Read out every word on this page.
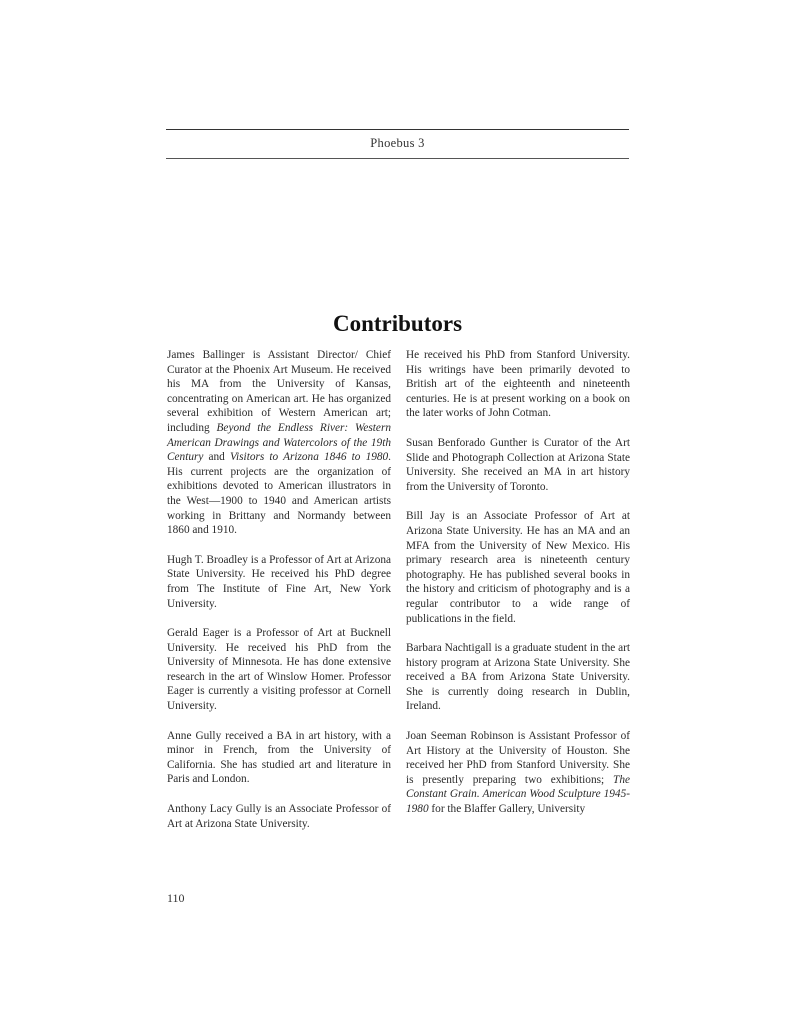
Phoebus 3
Contributors

James Ballinger is Assistant Director/ Chief Curator at the Phoenix Art Museum. He received his MA from the University of Kansas, concentrating on American art. He has organized several exhibition of Western American art; including Beyond the Endless River: Western American Drawings and Watercolors of the 19th Century and Visitors to Arizona 1846 to 1980. His current projects are the organization of exhibitions devoted to American illustrators in the West—1900 to 1940 and American artists working in Brittany and Normandy between 1860 and 1910.

Hugh T. Broadley is a Professor of Art at Arizona State University. He received his PhD degree from The Institute of Fine Art, New York University.

Gerald Eager is a Professor of Art at Bucknell University. He received his PhD from the University of Minnesota. He has done extensive research in the art of Winslow Homer. Professor Eager is currently a visiting professor at Cornell University.

Anne Gully received a BA in art history, with a minor in French, from the University of California. She has studied art and literature in Paris and London.

Anthony Lacy Gully is an Associate Professor of Art at Arizona State University.

He received his PhD from Stanford University. His writings have been primarily devoted to British art of the eighteenth and nineteenth centuries. He is at present working on a book on the later works of John Cotman.

Susan Benforado Gunther is Curator of the Art Slide and Photograph Collection at Arizona State University. She received an MA in art history from the University of Toronto.

Bill Jay is an Associate Professor of Art at Arizona State University. He has an MA and an MFA from the University of New Mexico. His primary research area is nineteenth century photography. He has published several books in the history and criticism of photography and is a regular contributor to a wide range of publications in the field.

Barbara Nachtigall is a graduate student in the art history program at Arizona State University. She received a BA from Arizona State University. She is currently doing research in Dublin, Ireland.

Joan Seeman Robinson is Assistant Professor of Art History at the University of Houston. She received her PhD from Stanford University. She is presently preparing two exhibitions; The Constant Grain. American Wood Sculpture 1945-1980 for the Blaffer Gallery, University

110
